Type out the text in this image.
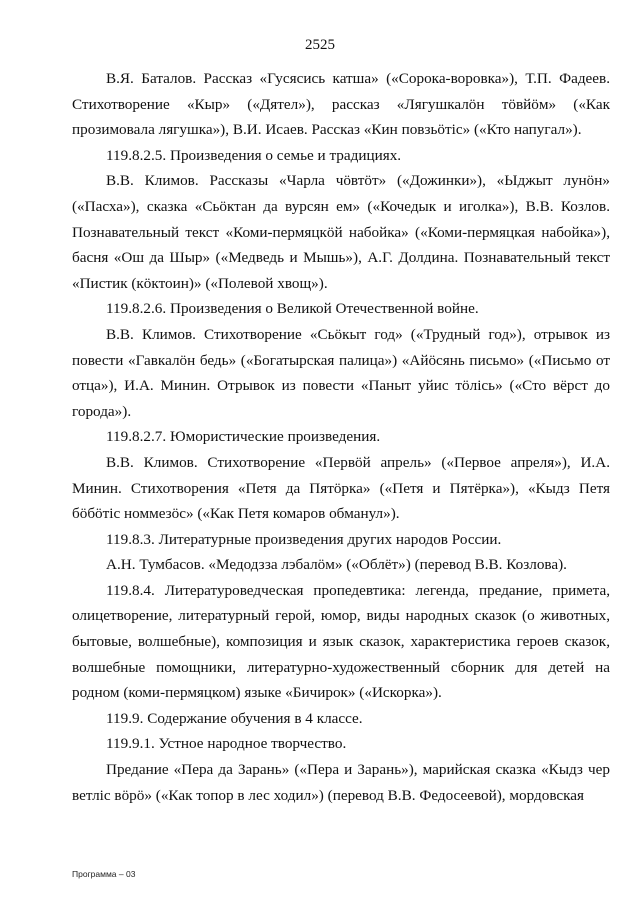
2525

В.Я. Баталов. Рассказ «Гусясись катша» («Сорока-воровка»), Т.П. Фадеев. Стихотворение «Кыр» («Дятел»), рассказ «Лягушкалӧн тӧвйӧм» («Как прозимовала лягушка»), В.И. Исаев. Рассказ «Кин повзьӧтiс» («Кто напугал»).

119.8.2.5. Произведения о семье и традициях.

В.В. Климов. Рассказы «Чарла чӧвтӧт» («Дожинки»), «Ыджыт лунӧн» («Пасха»), сказка «Сьӧктан да вурсян ем» («Кочедык и иголка»), В.В. Козлов. Познавательный текст «Коми-пермяцкӧй набойка» («Коми-пермяцкая набойка»), басня «Ош да Шыр» («Медведь и Мышь»), А.Г. Долдина. Познавательный текст «Пистик (кӧктоин)» («Полевой хвощ»).

119.8.2.6. Произведения о Великой Отечественной войне.

В.В. Климов. Стихотворение «Сьӧкыт год» («Трудный год»), отрывок из повести «Гавкалӧн бедь» («Богатырская палица») «Айӧсянь письмо» («Письмо от отца»), И.А. Минин. Отрывок из повести «Паныт уйис тӧлiсь» («Сто вёрст до города»).

119.8.2.7. Юмористические произведения.

В.В. Климов. Стихотворение «Первӧй апрель» («Первое апреля»), И.А. Минин. Стихотворения «Петя да Пятӧрка» («Петя и Пятёрка»), «Кыдз Петя бӧбӧтiс номмезӧс» («Как Петя комаров обманул»).

119.8.3. Литературные произведения других народов России.

А.Н. Тумбасов. «Медодзза лэбалӧм» («Облёт») (перевод В.В. Козлова).

119.8.4. Литературоведческая пропедевтика: легенда, предание, примета, олицетворение, литературный герой, юмор, виды народных сказок (о животных, бытовые, волшебные), композиция и язык сказок, характеристика героев сказок, волшебные помощники, литературно-художественный сборник для детей на родном (коми-пермяцком) языке «Бичирок» («Искорка»).

119.9. Содержание обучения в 4 классе.

119.9.1. Устное народное творчество.

Предание «Пера да Зарань» («Пера и Зарань»), марийская сказка «Кыдз чер ветлiс вӧрӧ» («Как топор в лес ходил») (перевод В.В. Федосеевой), мордовская

Программа – 03
